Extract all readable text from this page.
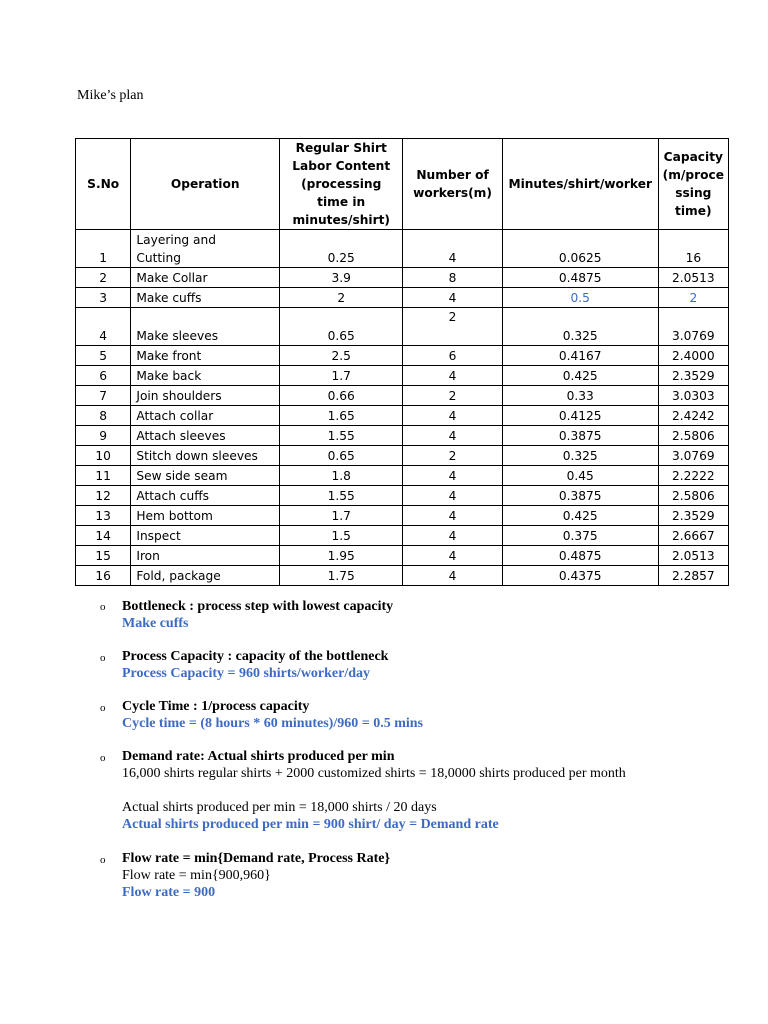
Mike’s plan
S.No	Operation	Regular Shirt
Labor Content
(processing
time in
minutes/shirt)	Number of
workers(m)	Minutes/shirt/worker	Capacity
(m/proce
ssing
time)

1	Layering and
Cutting	0.25	4	0.0625	16
2	Make Collar	3.9	8	0.4875	2.0513
3	Make cuffs	2	4	0.5	2
4	Make sleeves	0.65	2	0.325	3.0769
5	Make front	2.5	6	0.4167	2.4000
6	Make back	1.7	4	0.425	2.3529
7	Join shoulders	0.66	2	0.33	3.0303
8	Attach collar	1.65	4	0.4125	2.4242
9	Attach sleeves	1.55	4	0.3875	2.5806
10	Stitch down sleeves	0.65	2	0.325	3.0769
11	Sew side seam	1.8	4	0.45	2.2222
12	Attach cuffs	1.55	4	0.3875	2.5806
13	Hem bottom	1.7	4	0.425	2.3529
14	Inspect	1.5	4	0.375	2.6667
15	Iron	1.95	4	0.4875	2.0513
16	Fold, package	1.75	4	0.4375	2.2857
o Bottleneck : process step with lowest capacity
Make cuffs
o Process Capacity : capacity of the bottleneck
Process Capacity = 960 shirts/worker/day
o Cycle Time : 1/process capacity
Cycle time = (8 hours * 60 minutes)/960 = 0.5 mins
o Demand rate: Actual shirts produced per min
16,000 shirts regular shirts + 2000 customized shirts = 18,0000 shirts produced per month

Actual shirts produced per min = 18,000 shirts / 20 days
Actual shirts produced per min = 900 shirt/ day = Demand rate
o Flow rate = min{Demand rate, Process Rate}
Flow rate = min{900,960}
Flow rate = 900
